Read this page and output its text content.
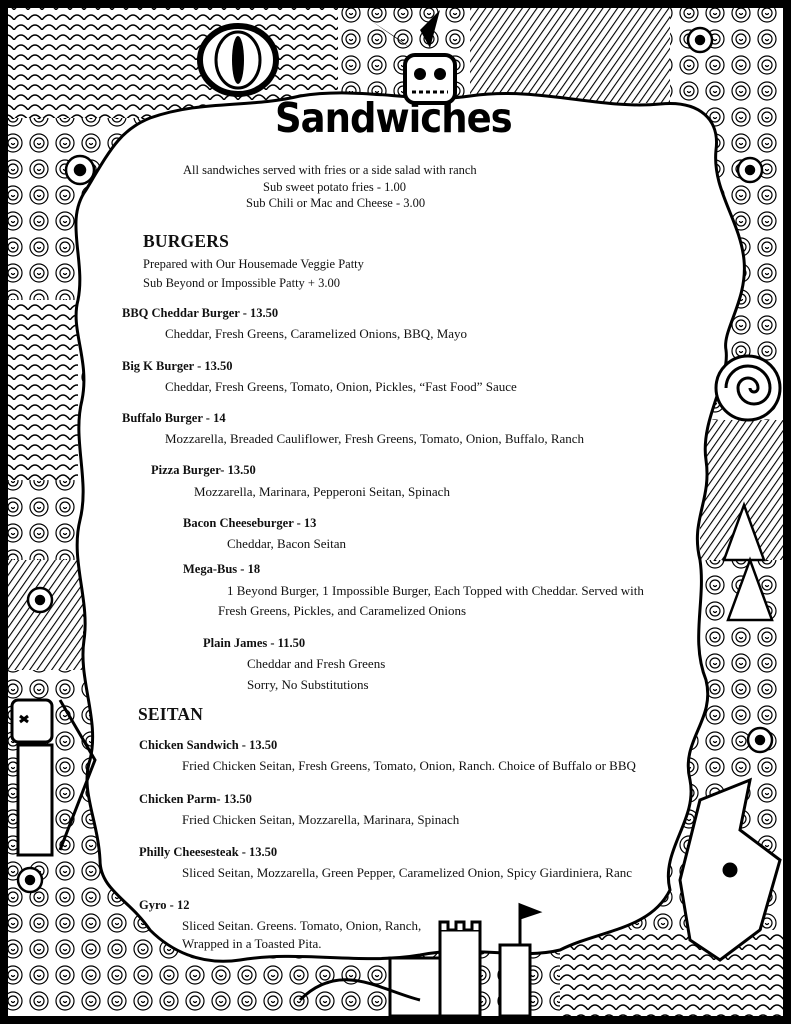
Sandwiches
All sandwiches served with fries or a side salad with ranch
Sub sweet potato fries - 1.00
Sub Chili or Mac and Cheese - 3.00
BURGERS
Prepared with Our Housemade Veggie Patty
Sub Beyond or Impossible Patty + 3.00
BBQ Cheddar Burger - 13.50
Cheddar, Fresh Greens, Caramelized Onions, BBQ, Mayo
Big K Burger - 13.50
Cheddar, Fresh Greens, Tomato, Onion, Pickles, “Fast Food” Sauce
Buffalo Burger - 14
Mozzarella, Breaded Cauliflower, Fresh Greens, Tomato, Onion, Buffalo, Ranch
Pizza Burger- 13.50
Mozzarella, Marinara, Pepperoni Seitan, Spinach
Bacon Cheeseburger - 13
Cheddar, Bacon Seitan
Mega-Bus - 18
1 Beyond Burger, 1 Impossible Burger, Each Topped with Cheddar. Served with
Fresh Greens, Pickles, and Caramelized Onions
Plain James - 11.50
Cheddar and Fresh Greens
Sorry, No Substitutions
SEITAN
Chicken Sandwich - 13.50
Fried Chicken Seitan, Fresh Greens, Tomato, Onion, Ranch. Choice of Buffalo or BBQ
Chicken Parm- 13.50
Fried Chicken Seitan, Mozzarella, Marinara, Spinach
Philly Cheesesteak - 13.50
Sliced Seitan, Mozzarella, Green Pepper, Caramelized Onion, Spicy Giardiniera, Ranc
Gyro - 12
Sliced Seitan. Greens. Tomato, Onion, Ranch,
Wrapped in a Toasted Pita.
